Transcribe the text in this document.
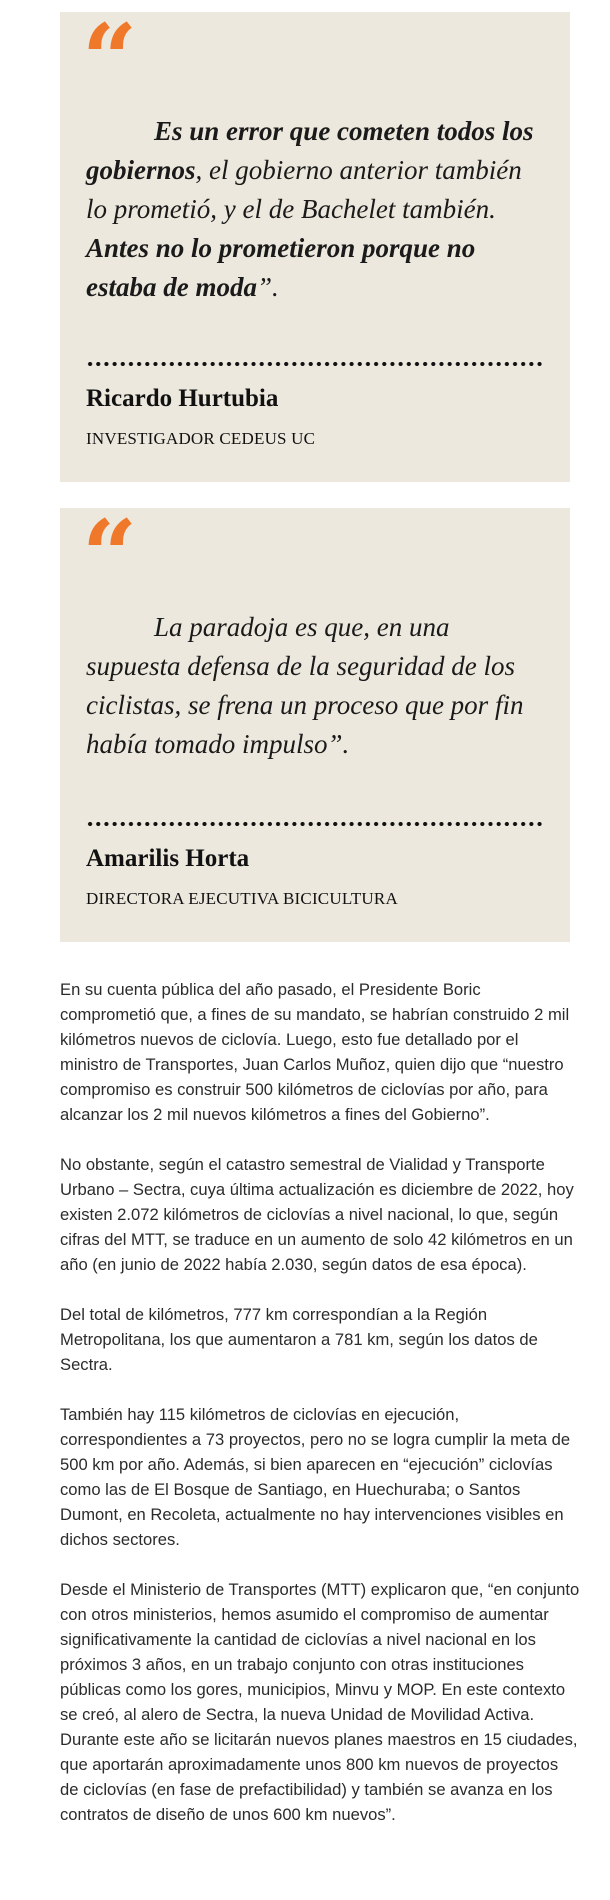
“

Es un error que cometen todos los gobiernos, el gobierno anterior también lo prometió, y el de Bachelet también. Antes no lo prometieron porque no estaba de moda”.

Ricardo Hurtubia
INVESTIGADOR CEDEUS UC
“

La paradoja es que, en una supuesta defensa de la seguridad de los ciclistas, se frena un proceso que por fin había tomado impulso”.

Amarilis Horta
DIRECTORA EJECUTIVA BICICULTURA

En su cuenta pública del año pasado, el Presidente Boric comprometió que, a fines de su mandato, se habrían construido 2 mil kilómetros nuevos de ciclovía. Luego, esto fue detallado por el ministro de Transportes, Juan Carlos Muñoz, quien dijo que “nuestro compromiso es construir 500 kilómetros de ciclovías por año, para alcanzar los 2 mil nuevos kilómetros a fines del Gobierno”.

No obstante, según el catastro semestral de Vialidad y Transporte Urbano – Sectra, cuya última actualización es diciembre de 2022, hoy existen 2.072 kilómetros de ciclovías a nivel nacional, lo que, según cifras del MTT, se traduce en un aumento de solo 42 kilómetros en un año (en junio de 2022 había 2.030, según datos de esa época).

Del total de kilómetros, 777 km correspondían a la Región Metropolitana, los que aumentaron a 781 km, según los datos de Sectra.

También hay 115 kilómetros de ciclovías en ejecución, correspondientes a 73 proyectos, pero no se logra cumplir la meta de 500 km por año. Además, si bien aparecen en “ejecución” ciclovías como las de El Bosque de Santiago, en Huechuraba; o Santos Dumont, en Recoleta, actualmente no hay intervenciones visibles en dichos sectores.

Desde el Ministerio de Transportes (MTT) explicaron que, “en conjunto con otros ministerios, hemos asumido el compromiso de aumentar significativamente la cantidad de ciclovías a nivel nacional en los próximos 3 años, en un trabajo conjunto con otras instituciones públicas como los gores, municipios, Minvu y MOP. En este contexto se creó, al alero de Sectra, la nueva Unidad de Movilidad Activa. Durante este año se licitarán nuevos planes maestros en 15 ciudades, que aportarán aproximadamente unos 800 km nuevos de proyectos de ciclovías (en fase de prefactibilidad) y también se avanza en los contratos de diseño de unos 600 km nuevos”.
